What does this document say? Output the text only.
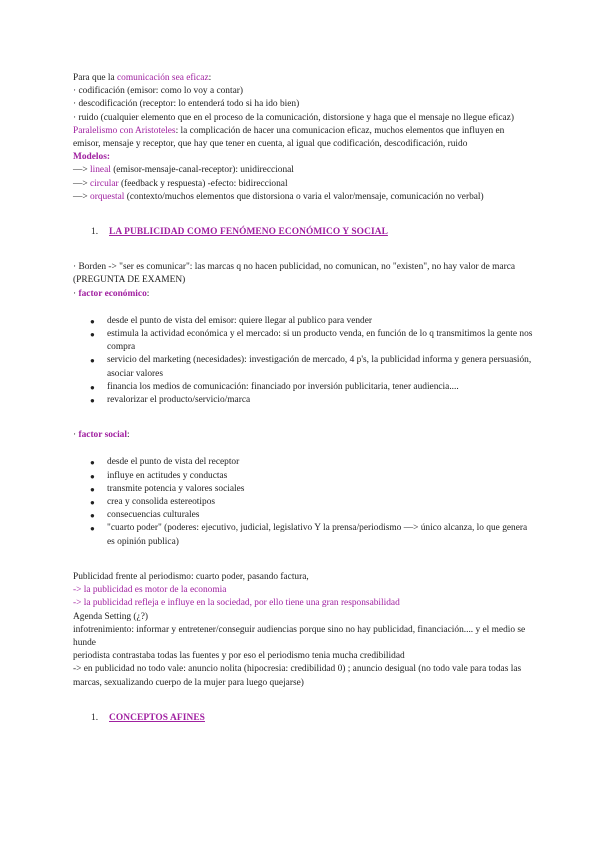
Para que la comunicación sea eficaz:

· codificación (emisor: como lo voy a contar)

· descodificación (receptor: lo entenderá todo si ha ido bien)

· ruido (cualquier elemento que en el proceso de la comunicación, distorsione y haga que el mensaje no llegue eficaz)

Paralelismo con Aristoteles: la complicación de hacer una comunicacion eficaz, muchos elementos que influyen en emisor, mensaje y receptor, que hay que tener en cuenta, al igual que codificación, descodificación, ruido

Modelos:

—> lineal (emisor-mensaje-canal-receptor): unidireccional

—> circular (feedback y respuesta) -efecto: bidireccional

—> orquestal (contexto/muchos elementos que distorsiona o varia el valor/mensaje, comunicación no verbal)

1.	LA PUBLICIDAD COMO FENÓMENO ECONÓMICO Y SOCIAL

· Borden -> "ser es comunicar": las marcas q no hacen publicidad, no comunican, no "existen", no hay valor de marca (PREGUNTA DE EXAMEN)

· factor económico:

● desde el punto de vista del emisor: quiere llegar al publico para vender
● estimula la actividad económica y el mercado: si un producto venda, en función de lo q transmitimos la gente nos compra
● servicio del marketing (necesidades): investigación de mercado, 4 p's, la publicidad informa y genera persuasión, asociar valores
● financia los medios de comunicación: financiado por inversión publicitaria, tener audiencia....
● revalorizar el producto/servicio/marca

· factor social:

● desde el punto de vista del receptor
● influye en actitudes y conductas
● transmite potencia y valores sociales
● crea y consolida estereotipos
● consecuencias culturales
● "cuarto poder" (poderes: ejecutivo, judicial, legislativo Y la prensa/periodismo —> único alcanza, lo que genera es opinión publica)

Publicidad frente al periodismo: cuarto poder, pasando factura,

-> la publicidad es motor de la economia

-> la publicidad refleja e influye en la sociedad, por ello tiene una gran responsabilidad

Agenda Setting (¿?)

infotrenimiento: informar y entretener/conseguir audiencias porque sino no hay publicidad, financiación.... y el medio se hunde

periodista contrastaba todas las fuentes y por eso el periodismo tenia mucha credibilidad

-> en publicidad no todo vale: anuncio nolita (hipocresia: credibilidad 0) ; anuncio desigual (no todo vale para todas las marcas, sexualizando cuerpo de la mujer para luego quejarse)

1.	CONCEPTOS AFINES
